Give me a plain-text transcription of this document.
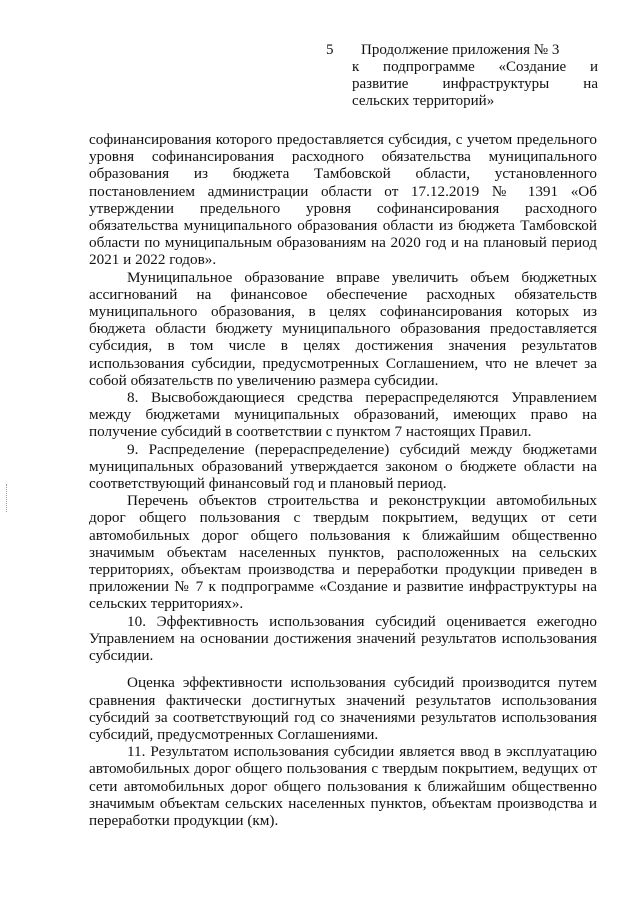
5	Продолжение приложения № 3
к подпрограмме «Создание и
развитие инфраструктуры на
сельских территорий»

софинансирования которого предоставляется субсидия, с учетом предельного уровня софинансирования расходного обязательства муниципального образования из бюджета Тамбовской области, установленного постановлением администрации области от 17.12.2019 № 1391 «Об утверждении предельного уровня софинансирования расходного обязательства муниципального образования области из бюджета Тамбовской области по муниципальным образованиям на 2020 год и на плановый период 2021 и 2022 годов».

Муниципальное образование вправе увеличить объем бюджетных ассигнований на финансовое обеспечение расходных обязательств муниципального образования, в целях софинансирования которых из бюджета области бюджету муниципального образования предоставляется субсидия, в том числе в целях достижения значения результатов использования субсидии, предусмотренных Соглашением, что не влечет за собой обязательств по увеличению размера субсидии.

8. Высвобождающиеся средства перераспределяются Управлением между бюджетами муниципальных образований, имеющих право на получение субсидий в соответствии с пунктом 7 настоящих Правил.

9. Распределение (перераспределение) субсидий между бюджетами муниципальных образований утверждается законом о бюджете области на соответствующий финансовый год и плановый период.

Перечень объектов строительства и реконструкции автомобильных дорог общего пользования с твердым покрытием, ведущих от сети автомобильных дорог общего пользования к ближайшим общественно значимым объектам населенных пунктов, расположенных на сельских территориях, объектам производства и переработки продукции приведен в приложении № 7 к подпрограмме «Создание и развитие инфраструктуры на сельских территориях».

10. Эффективность использования субсидий оценивается ежегодно Управлением на основании достижения значений результатов использования субсидии.

Оценка эффективности использования субсидий производится путем сравнения фактически достигнутых значений результатов использования субсидий за соответствующий год со значениями результатов использования субсидий, предусмотренных Соглашениями.

11. Результатом использования субсидии является ввод в эксплуатацию автомобильных дорог общего пользования с твердым покрытием, ведущих от сети автомобильных дорог общего пользования к ближайшим общественно значимым объектам сельских населенных пунктов, объектам производства и переработки продукции (км).
